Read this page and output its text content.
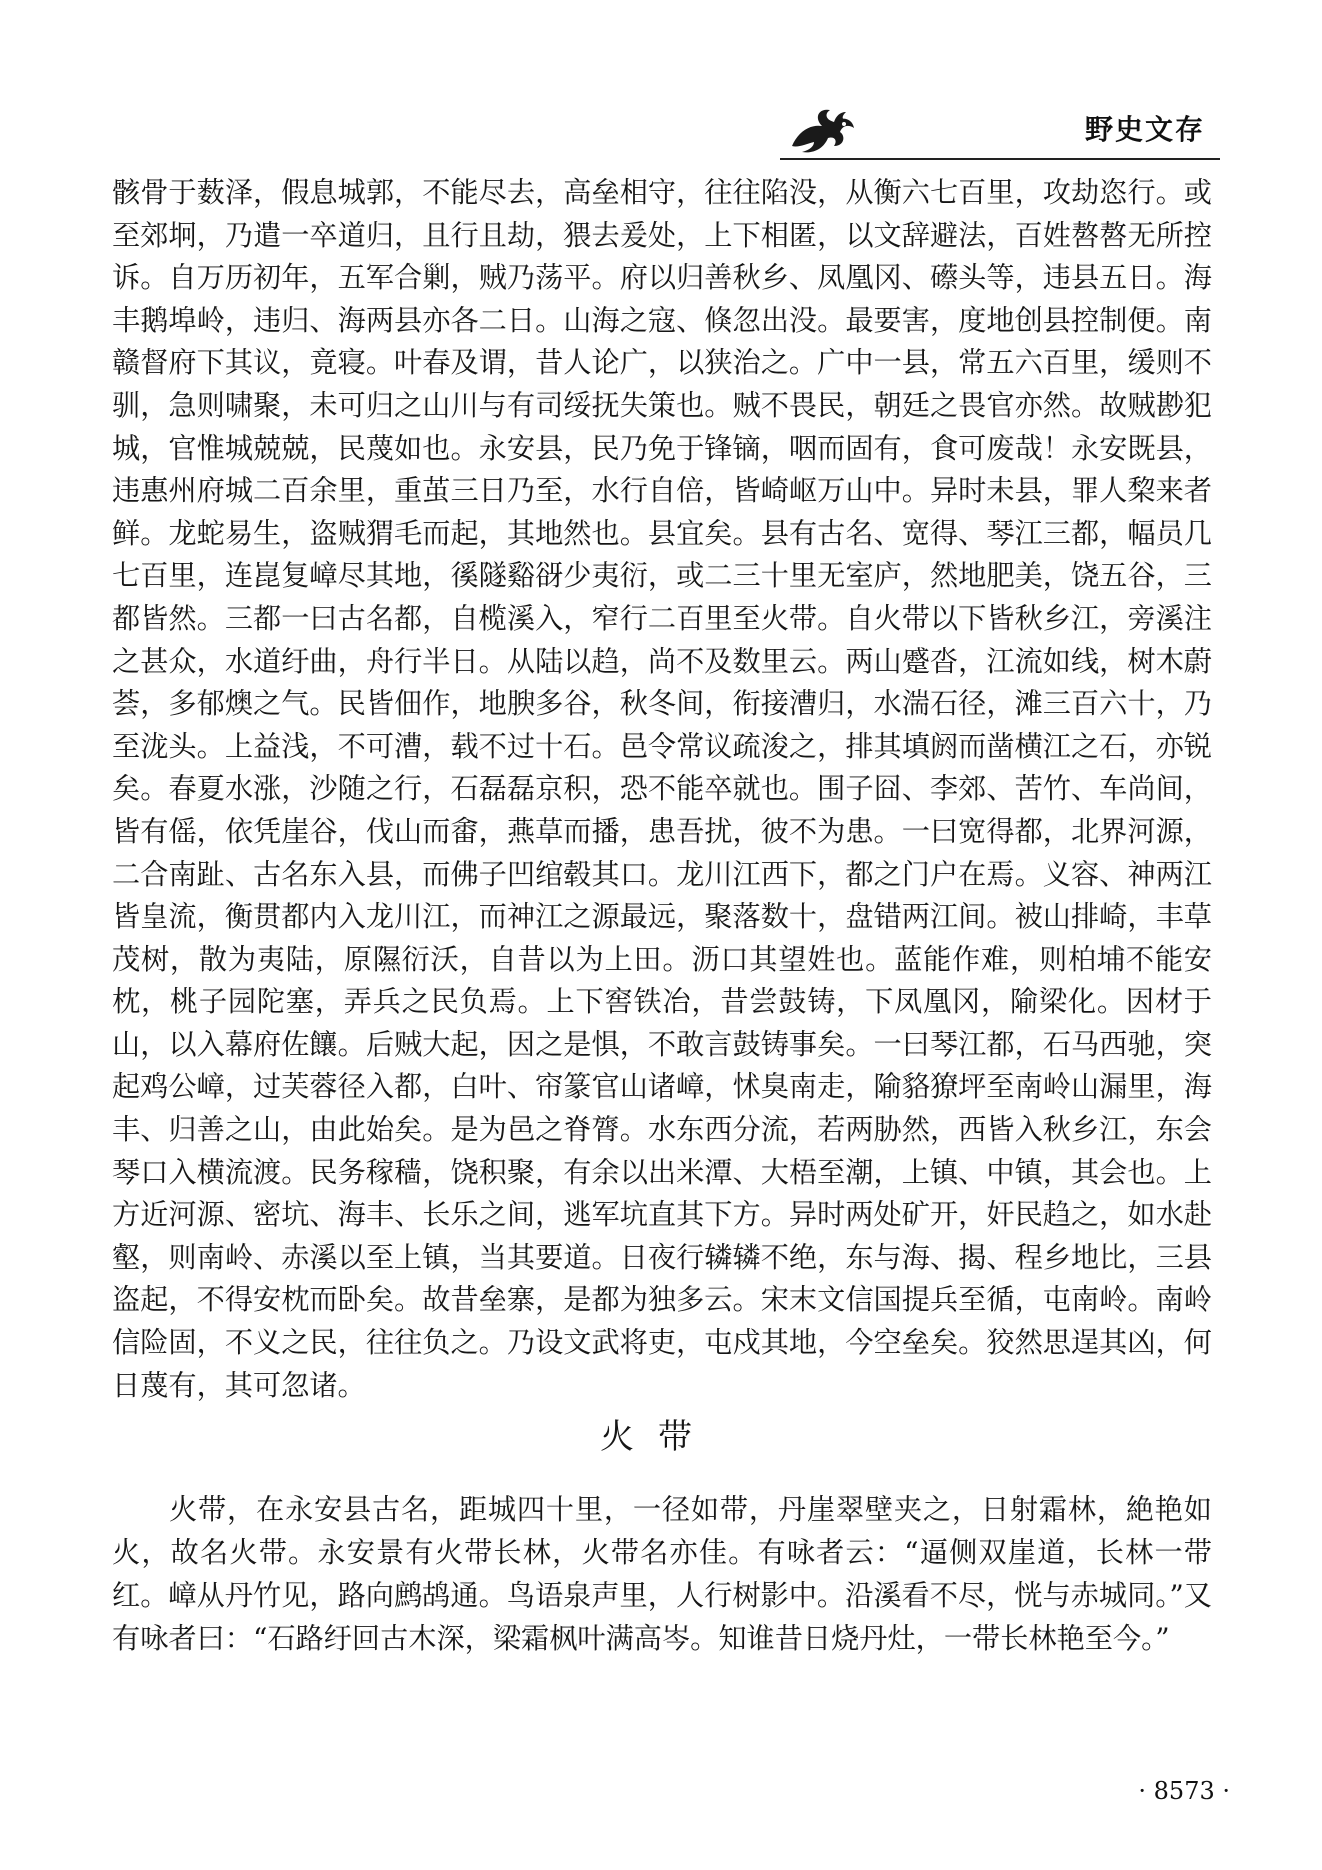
野史文存

骸骨于薮泽，假息城郭，不能尽去，高垒相守，往往陷没，从衡六七百里，攻劫恣行。或至郊坰，乃遣一卒道归，且行且劫，猥去爰处，上下相匿，以文辞避法，百姓嗸嗸无所控诉。自万历初年，五军合剿，贼乃荡平。府以归善秋乡、凤凰冈、礤头等，违县五日。海丰鹅埠岭，违归、海两县亦各二日。山海之寇、倏忽出没。最要害，度地创县控制便。南赣督府下其议，竟寝。叶春及谓，昔人论广，以狭治之。广中一县，常五六百里，缓则不驯，急则啸聚，未可归之山川与有司绥抚失策也。贼不畏民，朝廷之畏官亦然。故贼尠犯城，官惟城兢兢，民蔑如也。永安县，民乃免于锋镝，咽而固有，食可废哉！永安既县，违惠州府城二百余里，重茧三日乃至，水行自倍，皆崎岖万山中。异时未县，罪人棃来者鲜。龙蛇易生，盗贼猬毛而起，其地然也。县宜矣。县有古名、宽得、琴江三都，幅员几七百里，连崑复嶂尽其地，徯隧谿谺少夷衍，或二三十里无室庐，然地肥美，饶五谷，三都皆然。三都一曰古名都，自榄溪入，窄行二百里至火带。自火带以下皆秋乡江，旁溪注之甚众，水道纡曲，舟行半日。从陆以趋，尚不及数里云。两山蹙沓，江流如线，树木蔚荟，多郁燠之气。民皆佃作，地腴多谷，秋冬间，衔接漕归，水湍石径，滩三百六十，乃至泷头。上益浅，不可漕，载不过十石。邑令常议疏浚之，排其填阏而凿横江之石，亦锐矣。春夏水涨，沙随之行，石磊磊京积，恐不能卒就也。围子囧、李郊、苦竹、车尚间，皆有傜，依凭崖谷，伐山而畬，燕草而播，患吾扰，彼不为患。一曰宽得都，北界河源，二合南趾、古名东入县，而佛子凹绾毂其口。龙川江西下，都之门户在焉。义容、神两江皆皇流，衡贯都内入龙川江，而神江之源最远，聚落数十，盘错两江间。被山排崎，丰草茂树，散为夷陆，原隰衍沃，自昔以为上田。沥口其望姓也。蓝能作难，则柏埔不能安枕，桃子园陀塞，弄兵之民负焉。上下窖铁冶，昔尝鼓铸，下凤凰冈，隃梁化。因材于山，以入幕府佐饟。后贼大起，因之是惧，不敢言鼓铸事矣。一曰琴江都，石马西驰，突起鸡公嶂，过芙蓉径入都，白叶、帘篆官山诸嶂，怵臭南走，隃貉獠坪至南岭山漏里，海丰、归善之山，由此始矣。是为邑之脊膂。水东西分流，若两胁然，西皆入秋乡江，东会琴口入横流渡。民务稼穑，饶积聚，有余以出米潭、大梧至潮，上镇、中镇，其会也。上方近河源、密坑、海丰、长乐之间，逃军坑直其下方。异时两处矿开，奸民趋之，如水赴壑，则南岭、赤溪以至上镇，当其要道。日夜行辚辚不绝，东与海、揭、程乡地比，三县盗起，不得安枕而卧矣。故昔垒寨，是都为独多云。宋末文信国提兵至循，屯南岭。南岭信险固，不义之民，往往负之。乃设文武将吏，屯戍其地，今空垒矣。狡然思逞其凶，何日蔑有，其可忽诸。

火带

火带，在永安县古名，距城四十里，一径如带，丹崖翠壁夹之，日射霜林，絶艳如火，故名火带。永安景有火带长林，火带名亦佳。有咏者云：“逼侧双崖道，长林一带红。嶂从丹竹见，路向鹧鸪通。鸟语泉声里，人行树影中。沿溪看不尽，恍与赤城同。”又有咏者曰：“石路纡回古木深，梁霜枫叶满高岑。知谁昔日烧丹灶，一带长林艳至今。”

· 8573 ·
